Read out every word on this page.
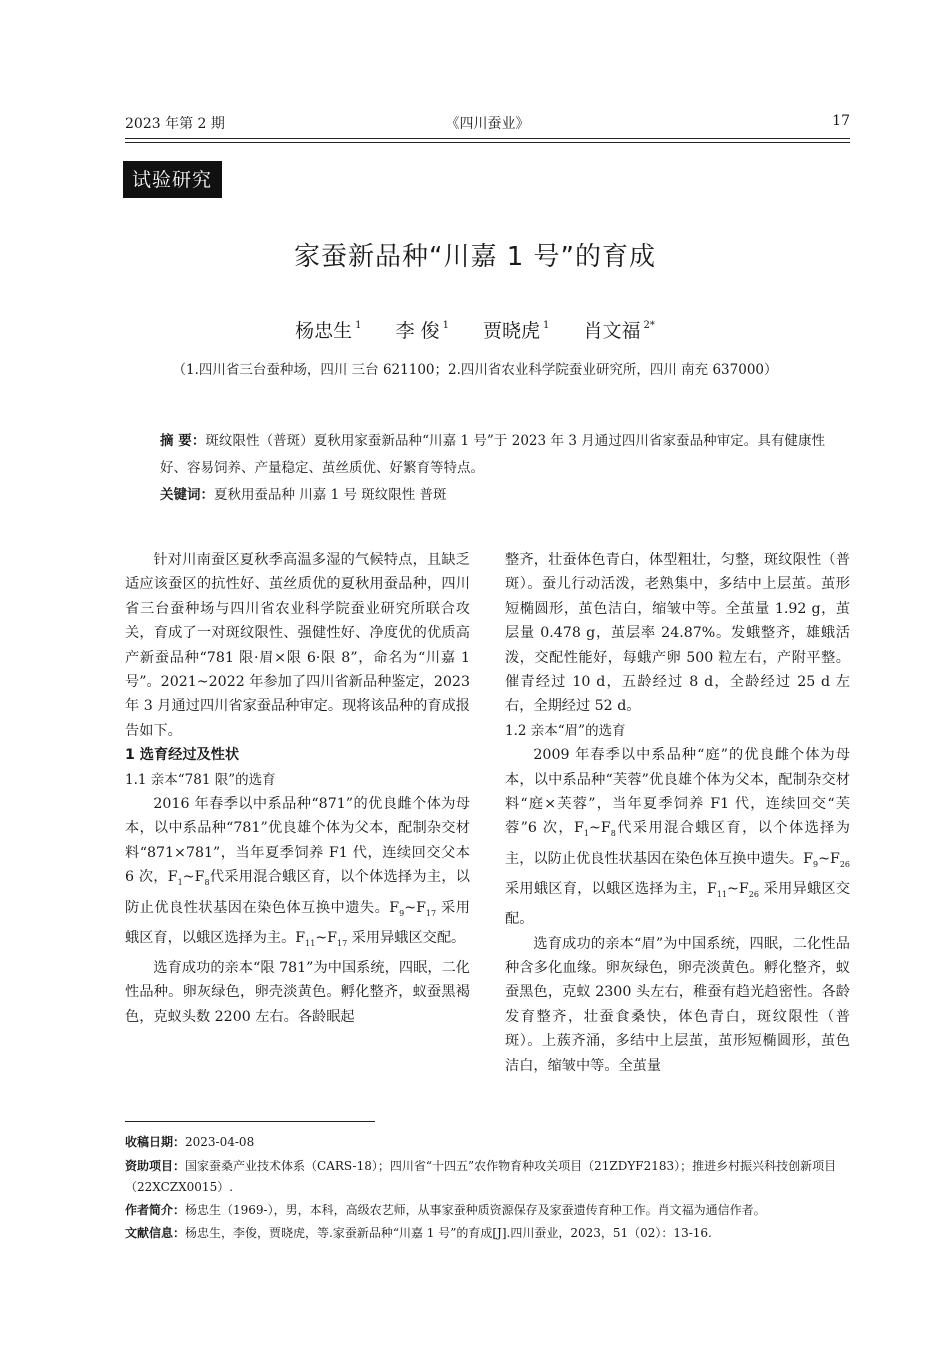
2023 年第 2 期	《四川蚕业》	17
试验研究
家蚕新品种“川嘉 1 号”的育成
杨忠生 $^1$ 李 俊 $^1$ 贾晓虎 $^1$ 肖文福 $^{2*}$
（1.四川省三台蚕种场，四川 三台 621100；2.四川省农业科学院蚕业研究所，四川 南充 637000）
摘 要：斑纹限性（普斑）夏秋用家蚕新品种“川嘉 1 号”于 2023 年 3 月通过四川省家蚕品种审定。具有健康性好、容易饲养、产量稳定、茧丝质优、好繁育等特点。
关键词：夏秋用蚕品种 川嘉 1 号 斑纹限性 普斑

针对川南蚕区夏秋季高温多湿的气候特点，且缺乏适应该蚕区的抗性好、茧丝质优的夏秋用蚕品种，四川省三台蚕种场与四川省农业科学院蚕业研究所联合攻关，育成了一对斑纹限性、强健性好、净度优的优质高产新蚕品种“781 限·眉×限 6·限 8”，命名为“川嘉 1 号”。2021~2022 年参加了四川省新品种鉴定，2023 年 3 月通过四川省家蚕品种审定。现将该品种的育成报告如下。

1 选育经过及性状
1.1 亲本“781 限”的选育

2016 年春季以中系品种“871”的优良雌个体为母本，以中系品种“781”优良雄个体为父本，配制杂交材料“871×781”，当年夏季饲养 F1 代，连续回交父本 6 次，$F_1\sim F_8$代采用混合蛾区育，以个体选择为主，以防止优良性状基因在染色体互换中遗失。$F_9\sim F_{17}$ 采用蛾区育，以蛾区选择为主。$F_{11}\sim F_{17}$ 采用异蛾区交配。

选育成功的亲本“限 781”为中国系统，四眠，二化性品种。卵灰绿色，卵壳淡黄色。孵化整齐，蚁蚕黑褐色，克蚁头数 2200 左右。各龄眠起

整齐，壮蚕体色青白，体型粗壮，匀整，斑纹限性（普斑）。蚕儿行动活泼，老熟集中，多结中上层茧。茧形短椭圆形，茧色洁白，缩皱中等。全茧量 1.92 g，茧层量 0.478 g，茧层率 24.87%。发蛾整齐，雄蛾活泼，交配性能好，每蛾产卵 500 粒左右，产附平整。催青经过 10 d，五龄经过 8 d，全龄经过 25 d 左右，全期经过 52 d。

1.2 亲本“眉”的选育

2009 年春季以中系品种“庭”的优良雌个体为母本，以中系品种“芙蓉”优良雄个体为父本，配制杂交材料“庭×芙蓉”，当年夏季饲养 F1 代，连续回交“芙蓉”6 次，$F_1\sim F_8$代采用混合蛾区育，以个体选择为主，以防止优良性状基因在染色体互换中遗失。$F_9\sim F_{26}$ 采用蛾区育，以蛾区选择为主，$F_{11}\sim F_{26}$ 采用异蛾区交配。

选育成功的亲本“眉”为中国系统，四眠，二化性品种含多化血缘。卵灰绿色，卵壳淡黄色。孵化整齐，蚁蚕黑色，克蚁 2300 头左右，稚蚕有趋光趋密性。各龄发育整齐，壮蚕食桑快，体色青白，斑纹限性（普斑）。上蔟齐涌，多结中上层茧，茧形短椭圆形，茧色洁白，缩皱中等。全茧量

收稿日期：2023-04-08
资助项目：国家蚕桑产业技术体系（CARS-18）；四川省“十四五”农作物育种攻关项目（21ZDYF2183）；推进乡村振兴科技创新项目（22XCZX0015）.
作者简介：杨忠生（1969-），男，本科，高级农艺师，从事家蚕种质资源保存及家蚕遗传育种工作。肖文福为通信作者。
文献信息：杨忠生，李俊，贾晓虎，等.家蚕新品种“川嘉 1 号”的育成[J].四川蚕业，2023，51（02）：13-16.
